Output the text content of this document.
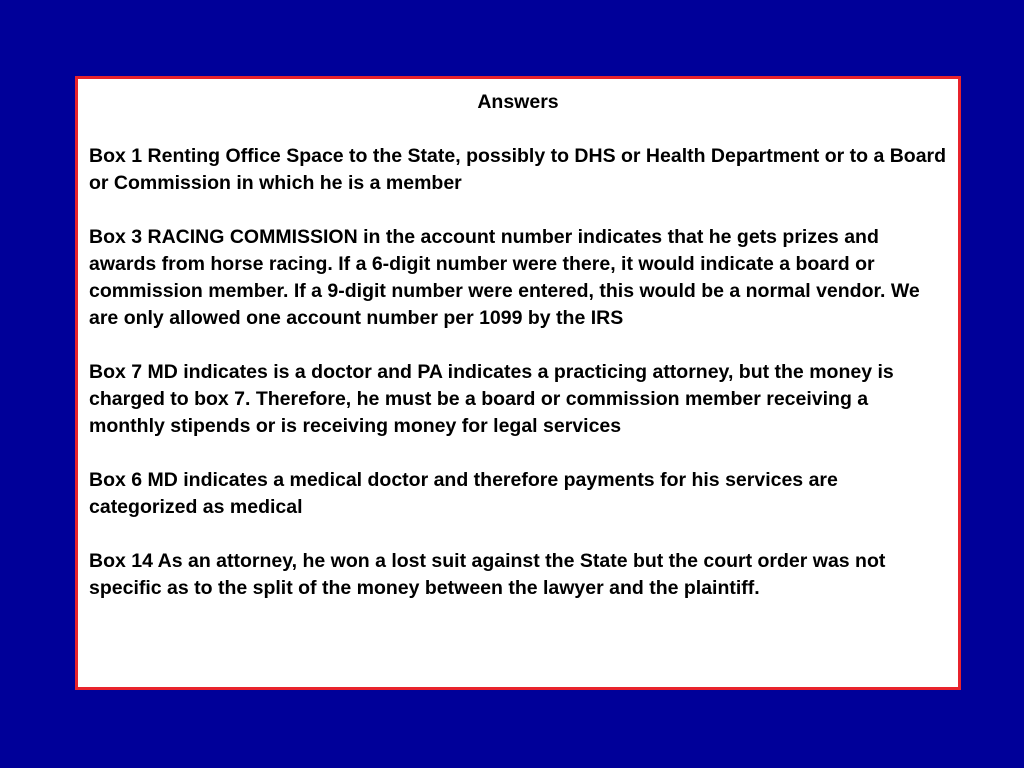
Answers

Box 1 Renting Office Space to the State, possibly to DHS or Health Department or to a Board or Commission in which he is a member

Box 3 RACING COMMISSION in the account number indicates that he gets prizes and awards from horse racing. If a 6-digit number were there, it would indicate a board or commission member. If a 9-digit number were entered, this would be a normal vendor. We are only allowed one account number per 1099 by the IRS

Box 7 MD indicates is a doctor and PA indicates a practicing attorney, but the money is charged to box 7. Therefore, he must be a board or commission member receiving a monthly stipends or is receiving money for legal services

Box 6 MD indicates a medical doctor and therefore payments for his services are categorized as medical

Box 14 As an attorney, he won a lost suit against the State but the court order was not specific as to the split of the money between the lawyer and the plaintiff.
